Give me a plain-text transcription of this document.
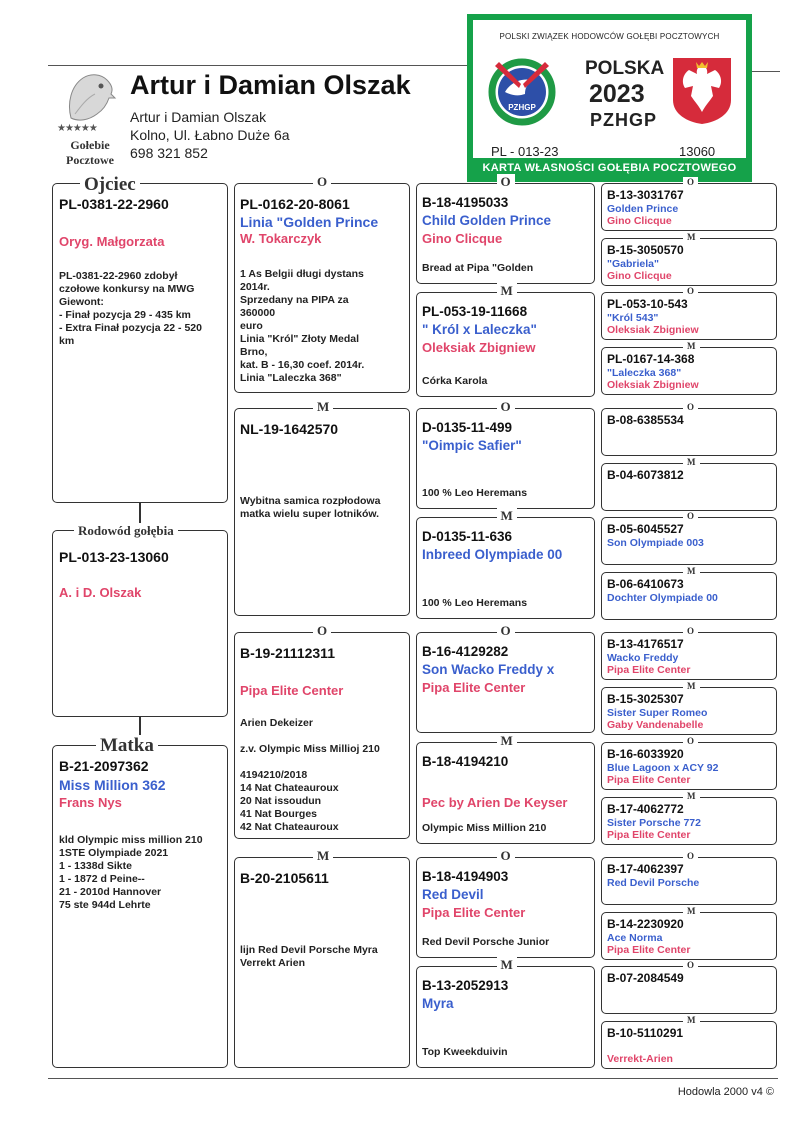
★★★★★
Gołebie
Pocztowe
Artur i Damian Olszak
Artur i Damian Olszak
Kolno, Ul. Łabno Duże 6a
698 321 852
POLSKI ZWIĄZEK HODOWCÓW GOŁĘBI POCZTOWYCH
PZHGP
POLSKA
2023
PZHGP
PL - 013-23	13060
KARTA WŁASNOŚCI GOŁĘBIA POCZTOWEGO
PL-0381-22-2960
Oryg. Małgorzata
PL-0381-22-2960 zdobył
czołowe konkursy na MWG
Giewont:
- Finał pozycja 29 - 435 km
- Extra Finał pozycja 22 - 520
km
Ojciec
PL-013-23-13060
A. i D. Olszak
Rodowód gołębia
B-21-2097362
Miss Million 362
Frans Nys
kld Olympic miss million 210
1STE Olympiade 2021
1 - 1338d Sikte
1 - 1872 d Peine--
21 - 2010d Hannover
75 ste 944d Lehrte
Matka
PL-0162-20-8061
Linia "Golden Prince
W. Tokarczyk
1 As Belgii długi dystans
2014r.
Sprzedany na PIPA za
360000
euro
Linia "Król" Złoty Medal
Brno,
kat. B - 16,30 coef. 2014r.
Linia "Laleczka 368"
O
NL-19-1642570
Wybitna samica rozpłodowa
matka wielu super lotników.
M
B-19-21112311
Pipa Elite Center
Arien Dekeizer

z.v. Olympic Miss Millioj 210

4194210/2018
14 Nat Chateauroux
20 Nat issoudun
41 Nat Bourges
42 Nat Chateauroux
O
B-20-2105611
lijn Red Devil Porsche Myra
Verrekt Arien
M
B-18-4195033
Child Golden Prince
Gino Clicque
Bread at Pipa "Golden
O
PL-053-19-11668
" Król x Laleczka"
Oleksiak Zbigniew
Córka Karola
M
D-0135-11-499
"Oimpic Safier"
100 % Leo Heremans
O
D-0135-11-636
Inbreed Olympiade 00
100 % Leo Heremans
M
B-16-4129282
Son Wacko Freddy x
Pipa Elite Center
O
B-18-4194210
Pec by Arien De Keyser
Olympic Miss Million 210
M
B-18-4194903
Red Devil
Pipa Elite Center
Red Devil Porsche Junior
O
B-13-2052913
Myra
Top Kweekduivin
M
B-13-3031767
Golden Prince
Gino Clicque
O
B-15-3050570
"Gabriela"
Gino Clicque
M
PL-053-10-543
"Król 543"
Oleksiak Zbigniew
O
PL-0167-14-368
"Laleczka 368"
Oleksiak Zbigniew
M
B-08-6385534
O
B-04-6073812
M
B-05-6045527
Son Olympiade 003
O
B-06-6410673
Dochter Olympiade 00
M
B-13-4176517
Wacko Freddy
Pipa Elite Center
O
B-15-3025307
Sister Super Romeo
Gaby Vandenabelle
M
B-16-6033920
Blue Lagoon x ACY 92
Pipa Elite Center
O
B-17-4062772
Sister Porsche 772
Pipa Elite Center
M
B-17-4062397
Red Devil Porsche
O
B-14-2230920
Ace Norma
Pipa Elite Center
M
B-07-2084549
O
B-10-5110291
Verrekt-Arien
M
Hodowla 2000 v4 ©
